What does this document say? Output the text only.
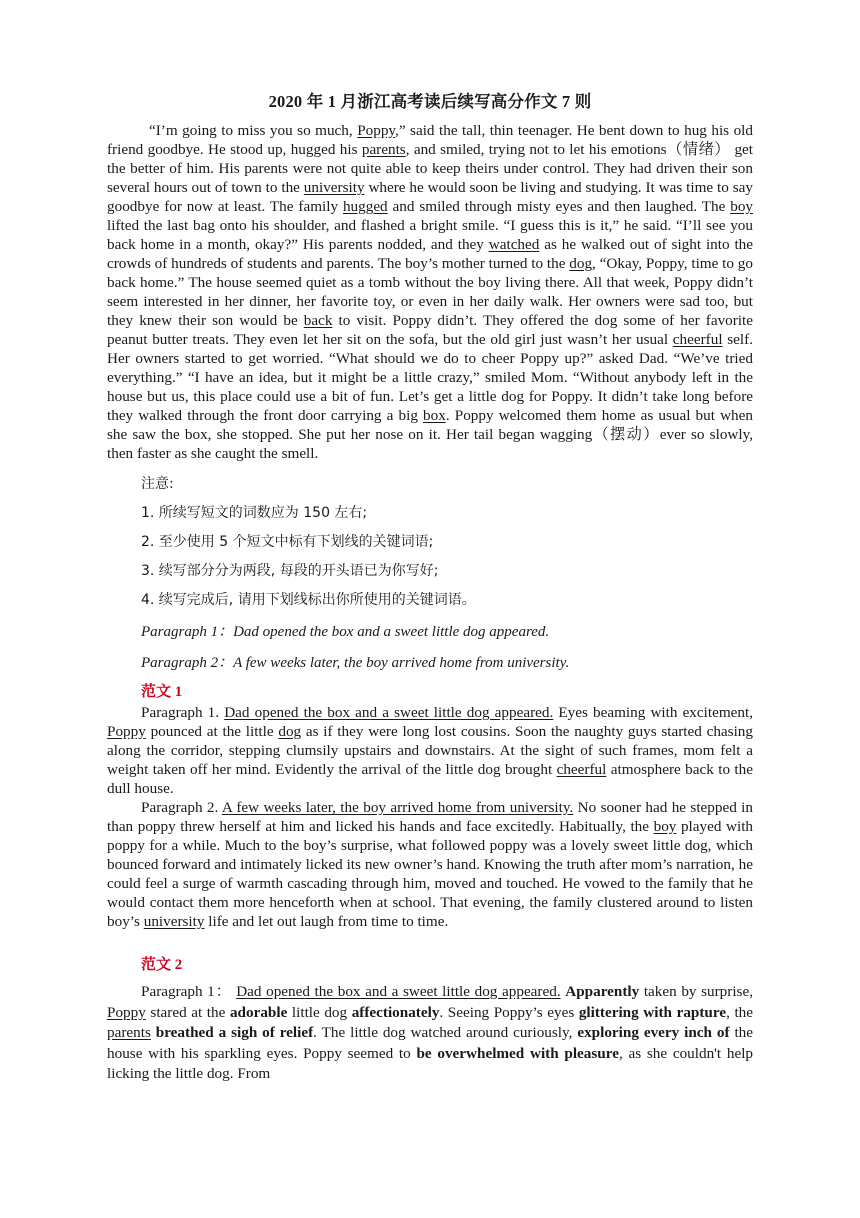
2020 年 1 月浙江高考读后续写高分作文 7 则

“I’m going to miss you so much, Poppy,” said the tall, thin teenager. He bent down to hug his old friend goodbye. He stood up, hugged his parents, and smiled, trying not to let his emotions（情绪） get the better of him. His parents were not quite able to keep theirs under control. They had driven their son several hours out of town to the university where he would soon be living and studying. It was time to say goodbye for now at least. The family hugged and smiled through misty eyes and then laughed. The boy lifted the last bag onto his shoulder, and flashed a bright smile. “I guess this is it,” he said. “I’ll see you back home in a month, okay?” His parents nodded, and they watched as he walked out of sight into the crowds of hundreds of students and parents. The boy’s mother turned to the dog, “Okay, Poppy, time to go back home.” The house seemed quiet as a tomb without the boy living there. All that week, Poppy didn’t seem interested in her dinner, her favorite toy, or even in her daily walk. Her owners were sad too, but they knew their son would be back to visit. Poppy didn’t. They offered the dog some of her favorite peanut butter treats. They even let her sit on the sofa, but the old girl just wasn’t her usual cheerful self. Her owners started to get worried. “What should we do to cheer Poppy up?” asked Dad. “We’ve tried everything.” “I have an idea, but it might be a little crazy,” smiled Mom. “Without anybody left in the house but us, this place could use a bit of fun. Let’s get a little dog for Poppy. It didn’t take long before they walked through the front door carrying a big box. Poppy welcomed them home as usual but when she saw the box, she stopped. She put her nose on it. Her tail began wagging（摆动）ever so slowly, then faster as she caught the smell.

注意:

1. 所续写短文的词数应为 150 左右;

2. 至少使用 5 个短文中标有下划线的关键词语;

3. 续写部分分为两段, 每段的开头语已为你写好;

4. 续写完成后, 请用下划线标出你所使用的关键词语。

Paragraph 1：Dad opened the box and a sweet little dog appeared.

Paragraph 2：A few weeks later, the boy arrived home from university.

范文 1

Paragraph 1. Dad opened the box and a sweet little dog appeared. Eyes beaming with excitement, Poppy pounced at the little dog as if they were long lost cousins. Soon the naughty guys started chasing along the corridor, stepping clumsily upstairs and downstairs. At the sight of such frames, mom felt a weight taken off her mind. Evidently the arrival of the little dog brought cheerful atmosphere back to the dull house.

Paragraph 2. A few weeks later, the boy arrived home from university. No sooner had he stepped in than poppy threw herself at him and licked his hands and face excitedly. Habitually, the boy played with poppy for a while. Much to the boy’s surprise, what followed poppy was a lovely sweet little dog, which bounced forward and intimately licked its new owner’s hand. Knowing the truth after mom’s narration, he could feel a surge of warmth cascading through him, moved and touched. He vowed to the family that he would contact them more henceforth when at school. That evening, the family clustered around to listen boy’s university life and let out laugh from time to time.

范文 2

Paragraph 1： Dad opened the box and a sweet little dog appeared. Apparently taken by surprise, Poppy stared at the adorable little dog affectionately. Seeing Poppy’s eyes glittering with rapture, the parents breathed a sigh of relief. The little dog watched around curiously, exploring every inch of the house with his sparkling eyes. Poppy seemed to be overwhelmed with pleasure, as she couldn't help licking the little dog. From
